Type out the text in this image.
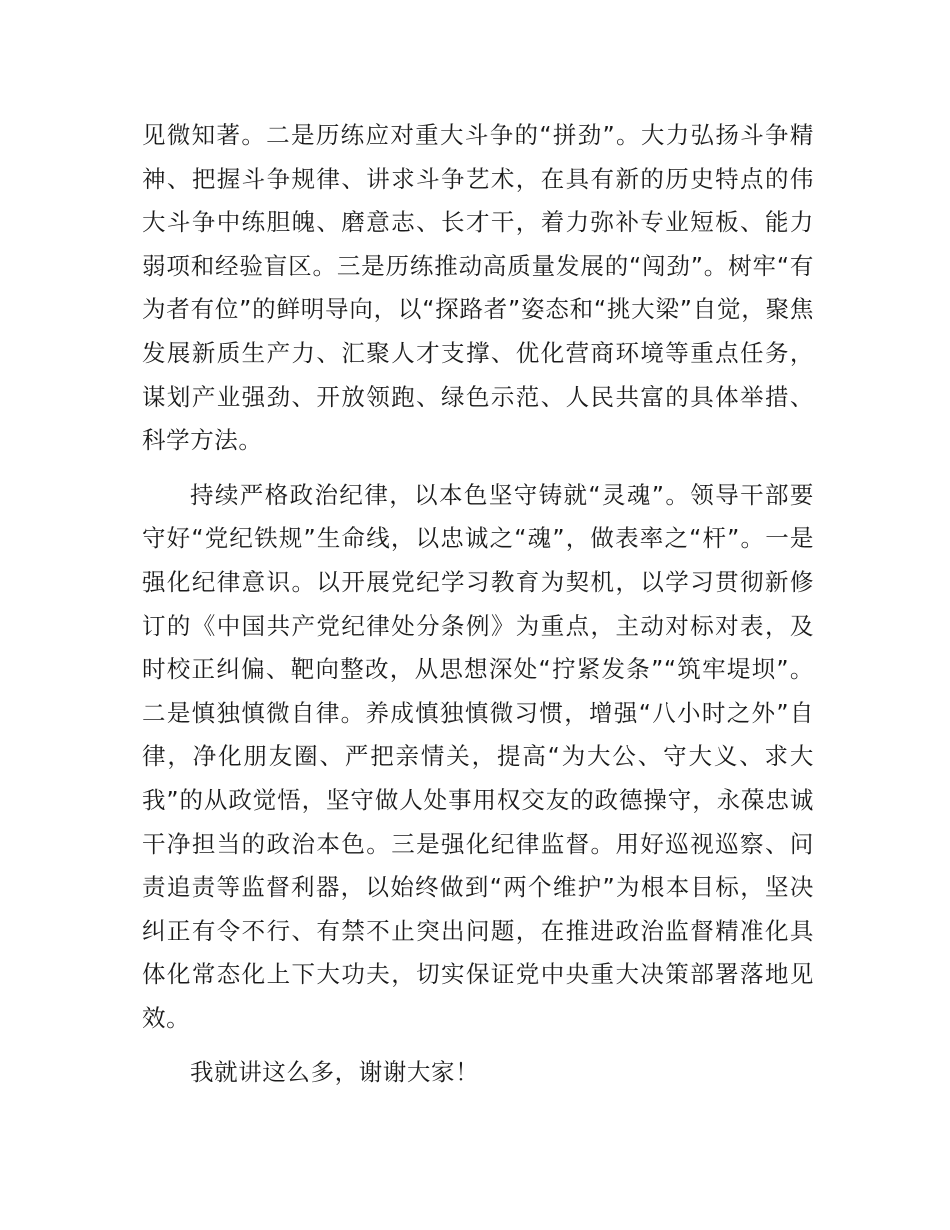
见微知著。二是历练应对重大斗争的“拼劲”。大力弘扬斗争精神、把握斗争规律、讲求斗争艺术，在具有新的历史特点的伟大斗争中练胆魄、磨意志、长才干，着力弥补专业短板、能力弱项和经验盲区。三是历练推动高质量发展的“闯劲”。树牢“有为者有位”的鲜明导向，以“探路者”姿态和“挑大梁”自觉，聚焦发展新质生产力、汇聚人才支撑、优化营商环境等重点任务，谋划产业强劲、开放领跑、绿色示范、人民共富的具体举措、科学方法。

持续严格政治纪律，以本色坚守铸就“灵魂”。领导干部要守好“党纪铁规”生命线，以忠诚之“魂”，做表率之“杆”。一是强化纪律意识。以开展党纪学习教育为契机，以学习贯彻新修订的《中国共产党纪律处分条例》为重点，主动对标对表，及时校正纠偏、靶向整改，从思想深处“拧紧发条”“筑牢堤坝”。二是慎独慎微自律。养成慎独慎微习惯，增强“八小时之外”自律，净化朋友圈、严把亲情关，提高“为大公、守大义、求大我”的从政觉悟，坚守做人处事用权交友的政德操守，永葆忠诚干净担当的政治本色。三是强化纪律监督。用好巡视巡察、问责追责等监督利器，以始终做到“两个维护”为根本目标，坚决纠正有令不行、有禁不止突出问题，在推进政治监督精准化具体化常态化上下大功夫，切实保证党中央重大决策部署落地见效。

我就讲这么多，谢谢大家！
